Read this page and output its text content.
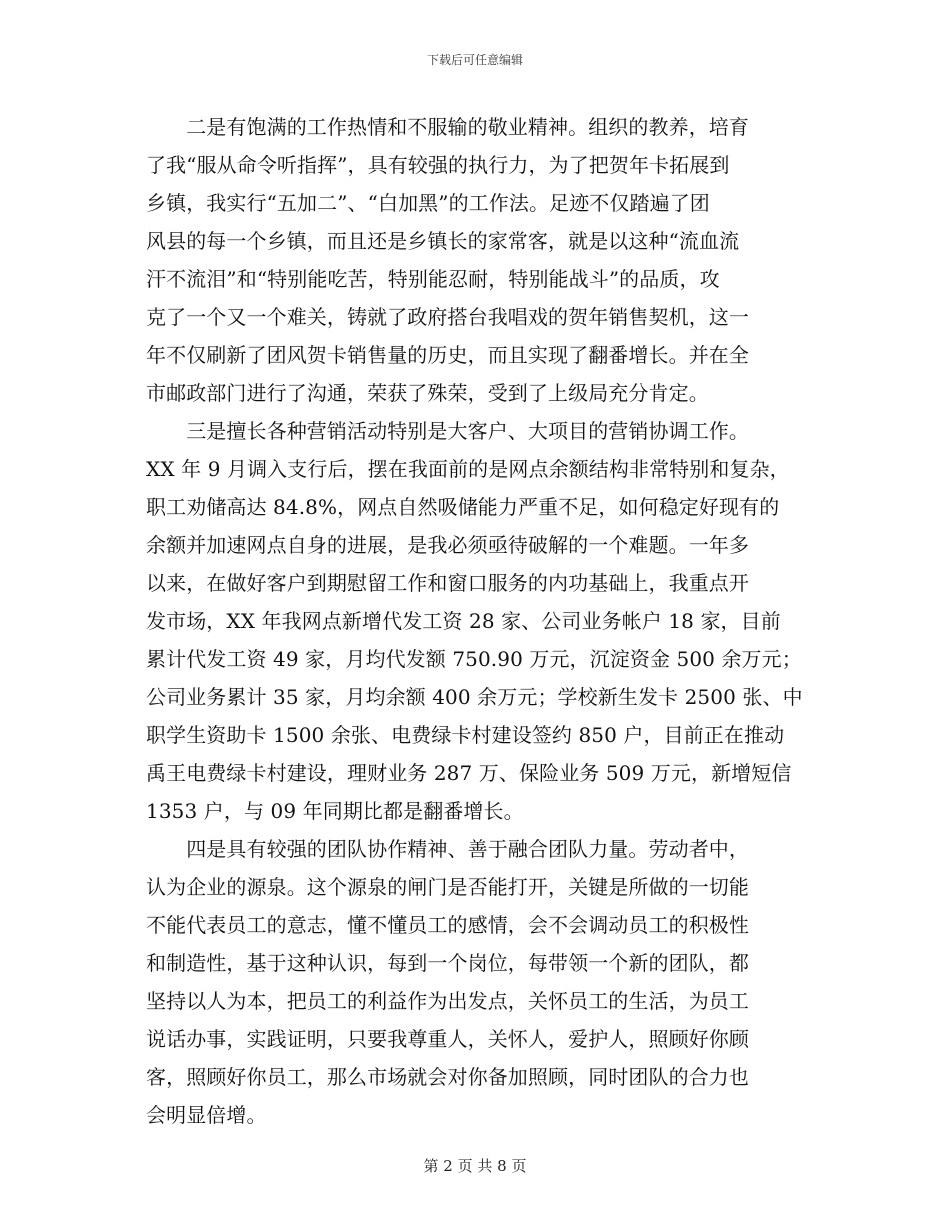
下载后可任意编辑
　　二是有饱满的工作热情和不服输的敬业精神。组织的教养，培育
了我“服从命令听指挥”，具有较强的执行力，为了把贺年卡拓展到
乡镇，我实行“五加二”、“白加黑”的工作法。足迹不仅踏遍了团
风县的每一个乡镇，而且还是乡镇长的家常客，就是以这种“流血流
汗不流泪”和“特别能吃苦，特别能忍耐，特别能战斗”的品质，攻
克了一个又一个难关，铸就了政府搭台我唱戏的贺年销售契机，这一
年不仅刷新了团风贺卡销售量的历史，而且实现了翻番增长。并在全
市邮政部门进行了沟通，荣获了殊荣，受到了上级局充分肯定。
　　三是擅长各种营销活动特别是大客户、大项目的营销协调工作。
XX 年 9 月调入支行后，摆在我面前的是网点余额结构非常特别和复杂，
职工劝储高达 84.8%，网点自然吸储能力严重不足，如何稳定好现有的
余额并加速网点自身的进展，是我必须亟待破解的一个难题。一年多
以来，在做好客户到期慰留工作和窗口服务的内功基础上，我重点开
发市场，XX 年我网点新增代发工资 28 家、公司业务帐户 18 家，目前
累计代发工资 49 家，月均代发额 750.90 万元，沉淀资金 500 余万元；
公司业务累计 35 家，月均余额 400 余万元；学校新生发卡 2500 张、中
职学生资助卡 1500 余张、电费绿卡村建设签约 850 户，目前正在推动
禹王电费绿卡村建设，理财业务 287 万、保险业务 509 万元，新增短信
1353 户，与 09 年同期比都是翻番增长。
　　四是具有较强的团队协作精神、善于融合团队力量。劳动者中，
认为企业的源泉。这个源泉的闸门是否能打开，关键是所做的一切能
不能代表员工的意志，懂不懂员工的感情，会不会调动员工的积极性
和制造性，基于这种认识，每到一个岗位，每带领一个新的团队，都
坚持以人为本，把员工的利益作为出发点，关怀员工的生活，为员工
说话办事，实践证明，只要我尊重人，关怀人，爱护人，照顾好你顾
客，照顾好你员工，那么市场就会对你备加照顾，同时团队的合力也
会明显倍增。
第 2 页 共 8 页
